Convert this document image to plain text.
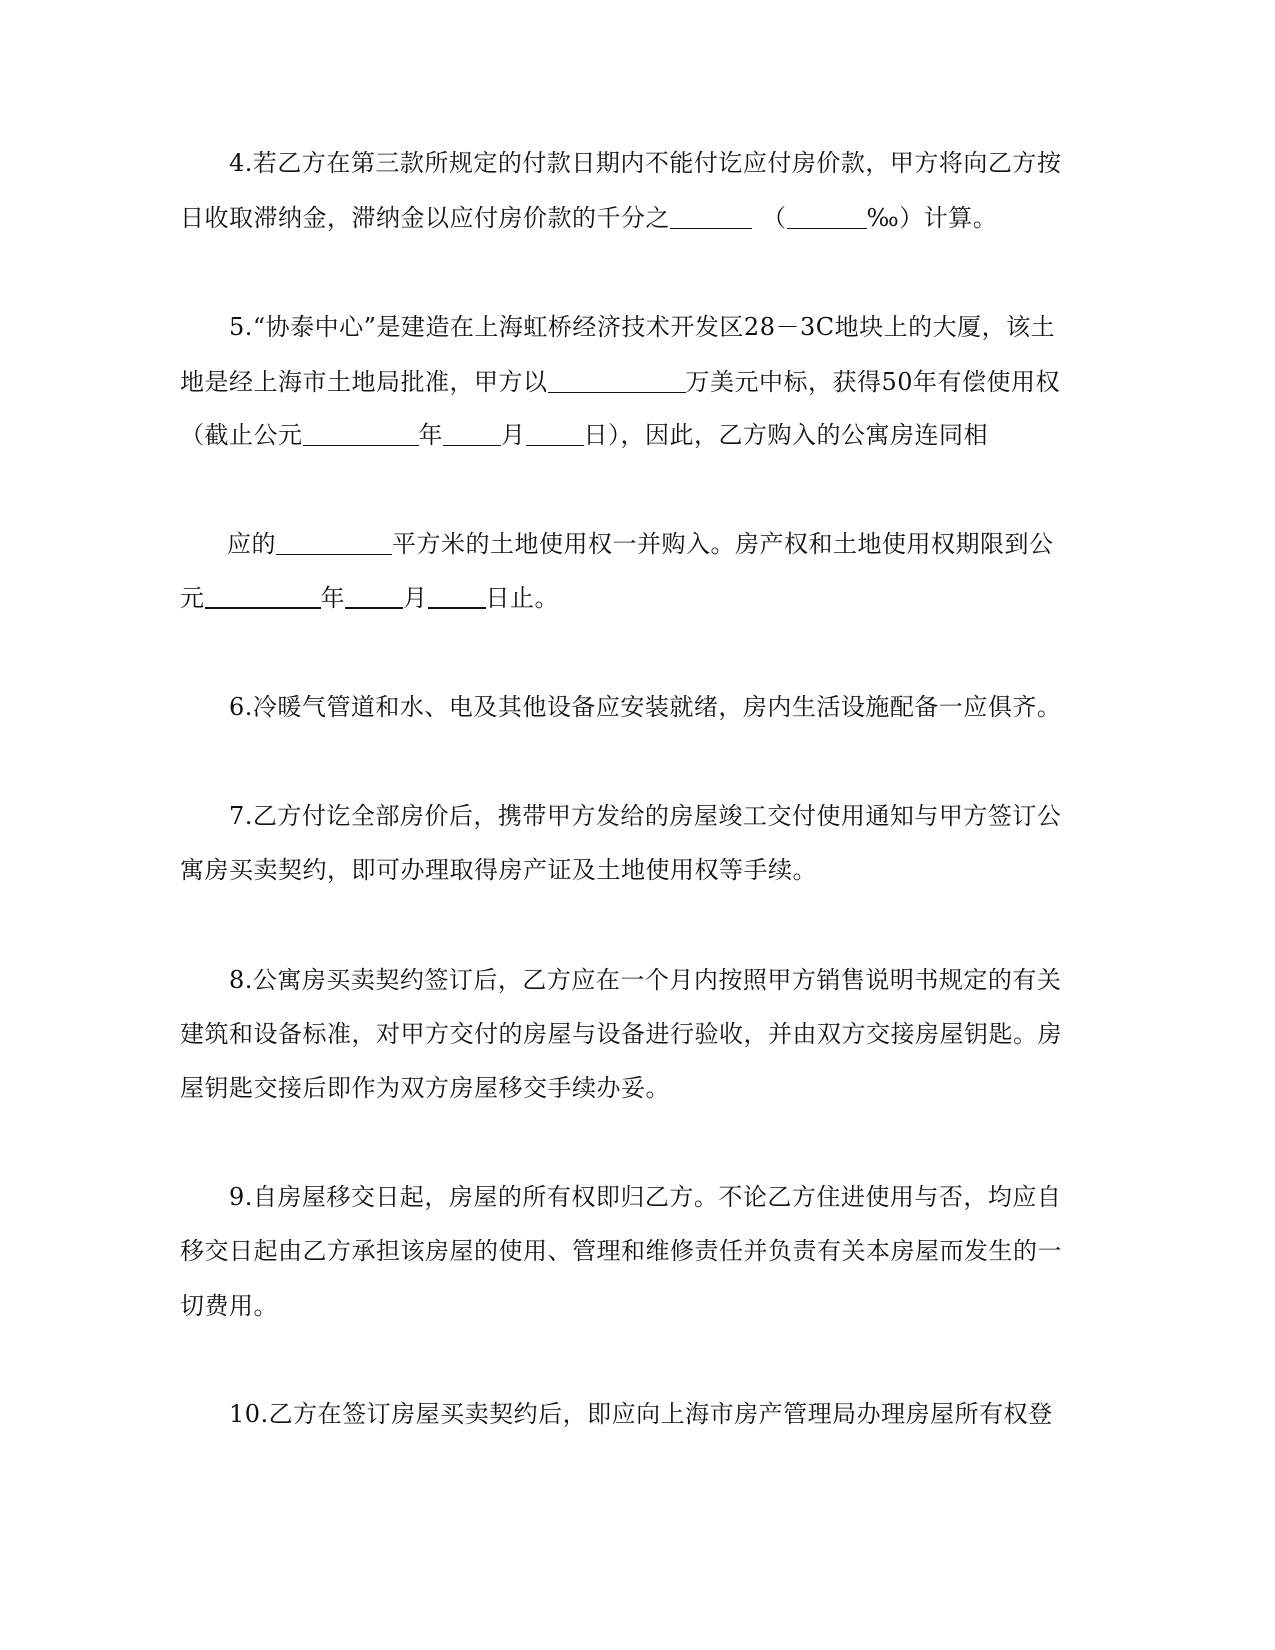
4.若乙方在第三款所规定的付款日期内不能付讫应付房价款，甲方将向乙方按
日收取滞纳金，滞纳金以应付房价款的千分之	（	‰）计算。
5.“协泰中心”是建造在上海虹桥经济技术开发区28－3C地块上的大厦，该土
地是经上海市土地局批准，甲方以	万美元中标，获得50年有偿使用权
（截止公元	年 月 日），因此，乙方购入的公寓房连同相
应的	平方米的土地使用权一并购入。房产权和土地使用权期限到公
元	年 月 日止。
6.冷暖气管道和水、电及其他设备应安装就绪，房内生活设施配备一应俱齐。
7.乙方付讫全部房价后，携带甲方发给的房屋竣工交付使用通知与甲方签订公
寓房买卖契约，即可办理取得房产证及土地使用权等手续。
8.公寓房买卖契约签订后，乙方应在一个月内按照甲方销售说明书规定的有关
建筑和设备标准，对甲方交付的房屋与设备进行验收，并由双方交接房屋钥匙。房
屋钥匙交接后即作为双方房屋移交手续办妥。
9.自房屋移交日起，房屋的所有权即归乙方。不论乙方住进使用与否，均应自
移交日起由乙方承担该房屋的使用、管理和维修责任并负责有关本房屋而发生的一
切费用。
10.乙方在签订房屋买卖契约后，即应向上海市房产管理局办理房屋所有权登
